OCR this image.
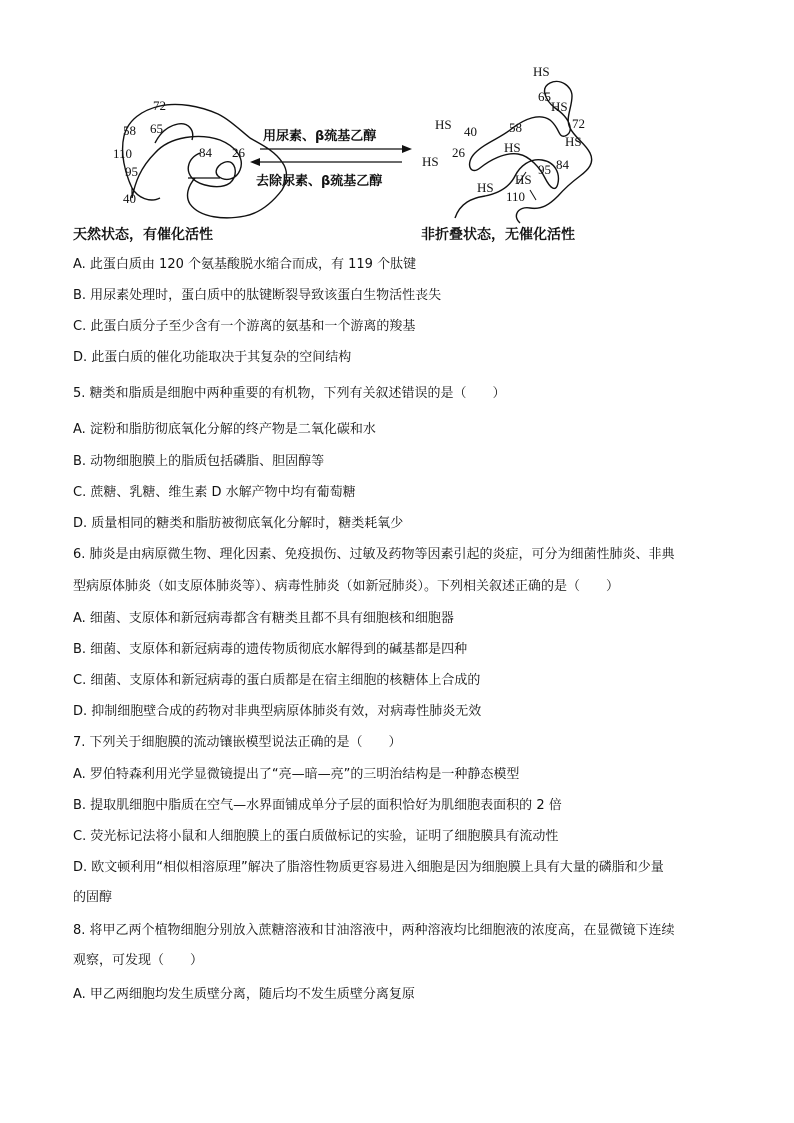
72
65
58
110	84 26
95
40
用尿素、β巯基乙醇
去除尿素、β巯基乙醇
HS
65
HS
72
HS
84
95
58
HS
HS 40
26
HS
HS
HS
110
天然状态，有催化活性	非折叠状态，无催化活性
A. 此蛋白质由 120 个氨基酸脱水缩合而成，有 119 个肽键
B. 用尿素处理时，蛋白质中的肽键断裂导致该蛋白生物活性丧失
C. 此蛋白质分子至少含有一个游离的氨基和一个游离的羧基
D. 此蛋白质的催化功能取决于其复杂的空间结构
5. 糖类和脂质是细胞中两种重要的有机物，下列有关叙述错误的是（　　）
A. 淀粉和脂肪彻底氧化分解的终产物是二氧化碳和水
B. 动物细胞膜上的脂质包括磷脂、胆固醇等
C. 蔗糖、乳糖、维生素 D 水解产物中均有葡萄糖
D. 质量相同的糖类和脂肪被彻底氧化分解时，糖类耗氧少
6. 肺炎是由病原微生物、理化因素、免疫损伤、过敏及药物等因素引起的炎症，可分为细菌性肺炎、非典
型病原体肺炎（如支原体肺炎等）、病毒性肺炎（如新冠肺炎）。下列相关叙述正确的是（　　）
A. 细菌、支原体和新冠病毒都含有糖类且都不具有细胞核和细胞器
B. 细菌、支原体和新冠病毒的遗传物质彻底水解得到的碱基都是四种
C. 细菌、支原体和新冠病毒的蛋白质都是在宿主细胞的核糖体上合成的
D. 抑制细胞壁合成的药物对非典型病原体肺炎有效，对病毒性肺炎无效
7. 下列关于细胞膜的流动镶嵌模型说法正确的是（　　）
A. 罗伯特森利用光学显微镜提出了“亮—暗—亮”的三明治结构是一种静态模型
B. 提取肌细胞中脂质在空气—水界面铺成单分子层的面积恰好为肌细胞表面积的 2 倍
C. 荧光标记法将小鼠和人细胞膜上的蛋白质做标记的实验，证明了细胞膜具有流动性
D. 欧文顿利用“相似相溶原理”解决了脂溶性物质更容易进入细胞是因为细胞膜上具有大量的磷脂和少量
的固醇
8. 将甲乙两个植物细胞分别放入蔗糖溶液和甘油溶液中，两种溶液均比细胞液的浓度高，在显微镜下连续
观察，可发现（　　）
A. 甲乙两细胞均发生质壁分离，随后均不发生质壁分离复原
